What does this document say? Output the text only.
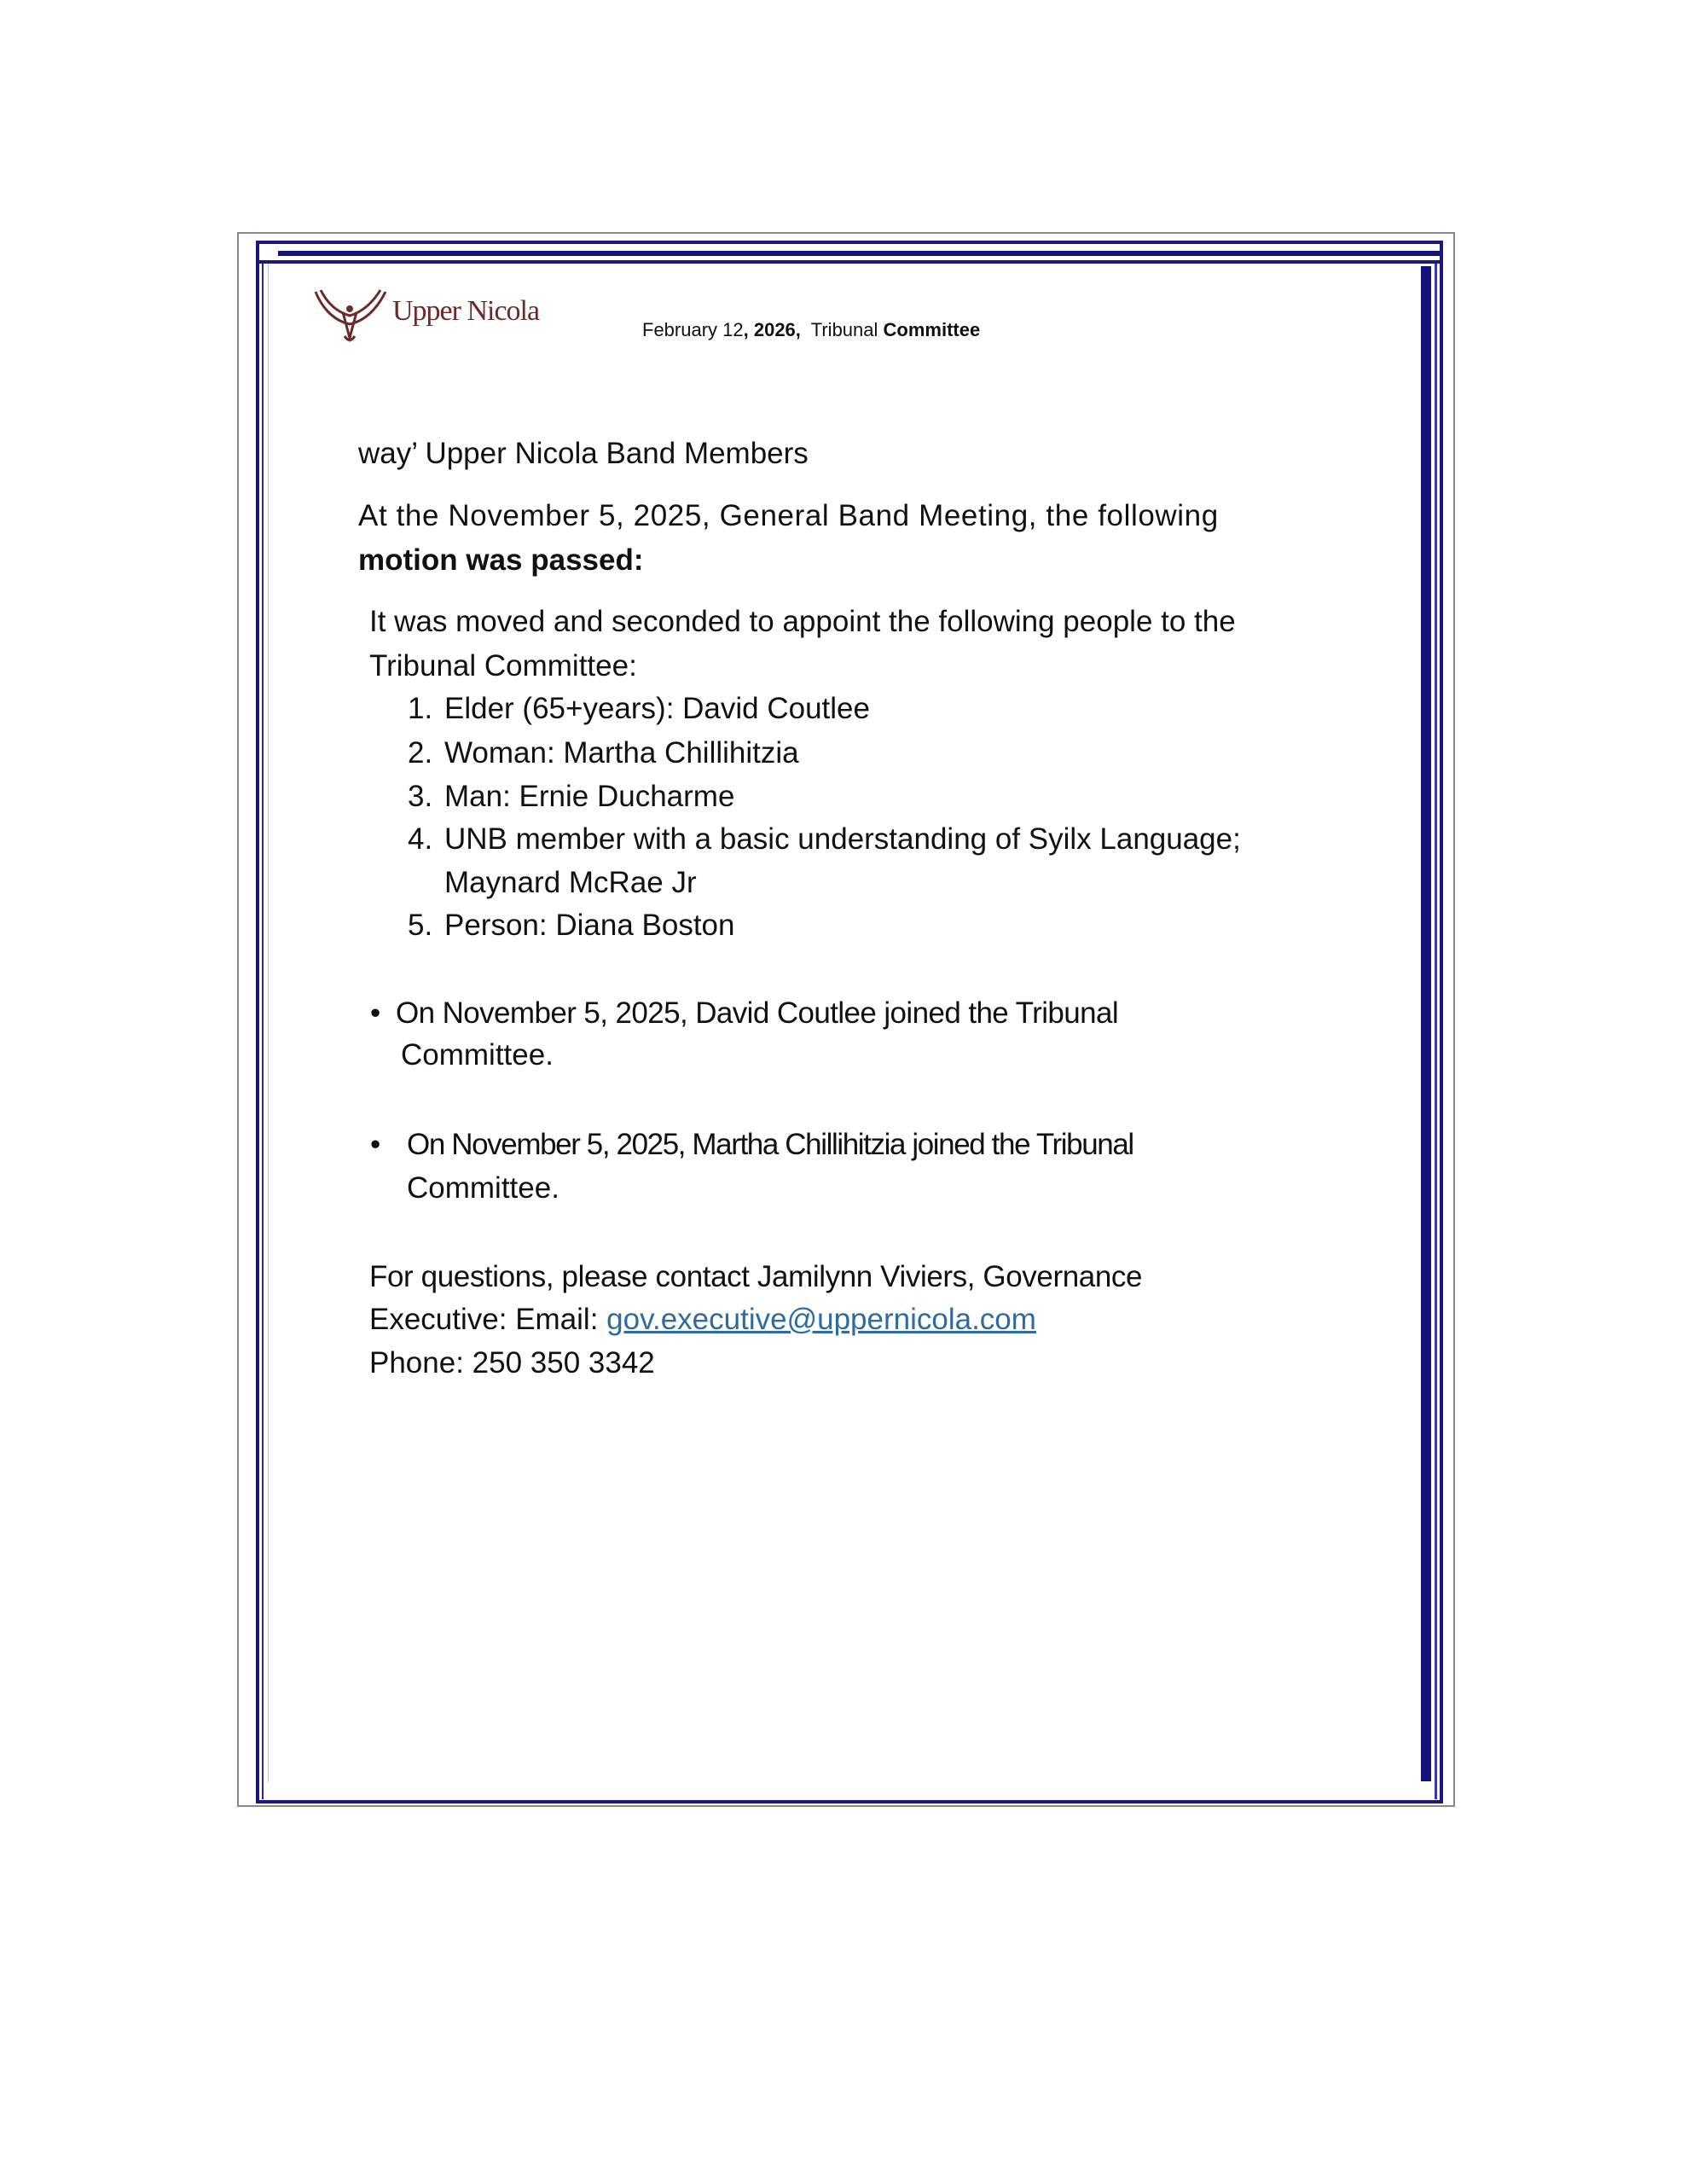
Upper Nicola
February 12, 2026, Tribunal Committee
way’ Upper Nicola Band Members
At the November 5, 2025, General Band Meeting, the following
motion was passed:
It was moved and seconded to appoint the following people to the
Tribunal Committee:
1. Elder (65+years): David Coutlee
2. Woman: Martha Chillihitzia
3. Man: Ernie Ducharme
4. UNB member with a basic understanding of Syilx Language;
Maynard McRae Jr
5. Person: Diana Boston
• On November 5, 2025, David Coutlee joined the Tribunal
Committee.
• On November 5, 2025, Martha Chillihitzia joined the Tribunal
Committee.
For questions, please contact Jamilynn Viviers, Governance
Executive: Email: gov.executive@uppernicola.com
Phone: 250 350 3342
